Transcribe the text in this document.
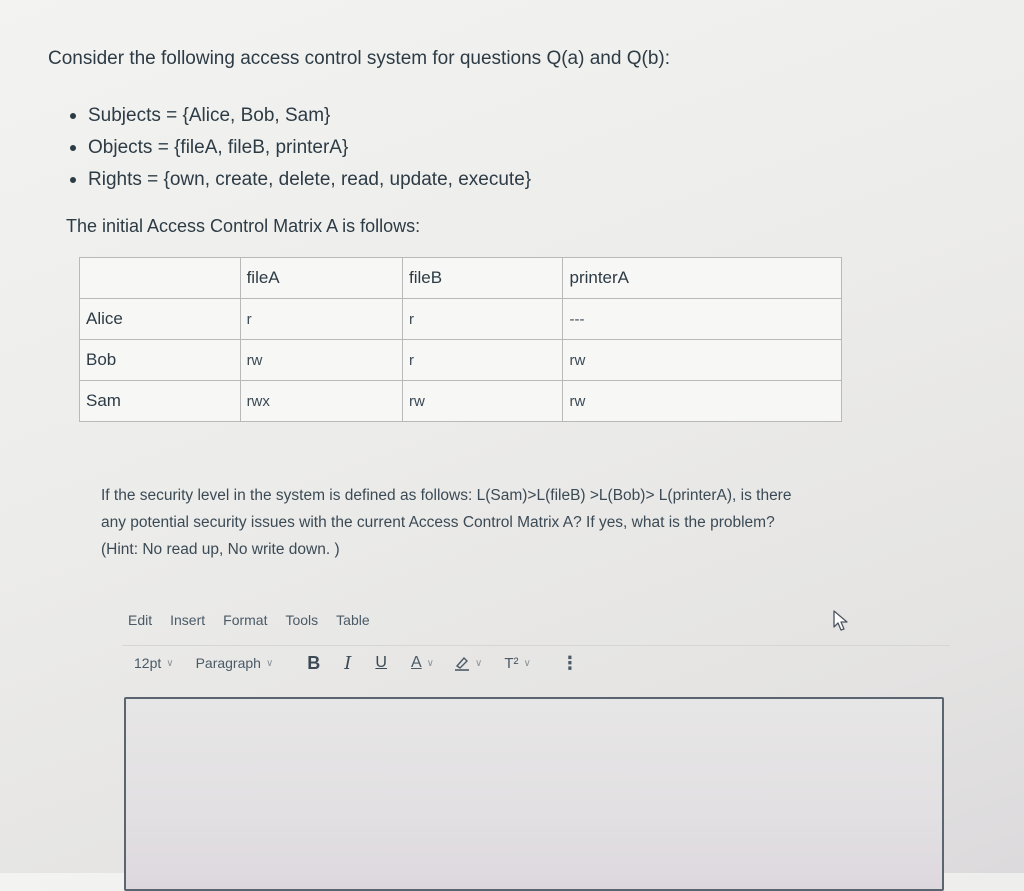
Consider the following access control system for questions Q(a) and Q(b):
Subjects = {Alice, Bob, Sam}
Objects = {fileA, fileB, printerA}
Rights = {own, create, delete, read, update, execute}
The initial Access Control Matrix A is follows:
	fileA	fileB	printerA
Alice	r	r	---
Bob	rw	r	rw
Sam	rwx	rw	rw
If the security level in the system is defined as follows: L(Sam)>L(fileB) >L(Bob)> L(printerA), is there
any potential security issues with the current Access Control Matrix A? If yes, what is the problem?
(Hint: No read up, No write down. )
Edit Insert Format Tools Table
12pt ∨ Paragraph ∨ B I U A ∨	∨ T² ∨ ⋮
